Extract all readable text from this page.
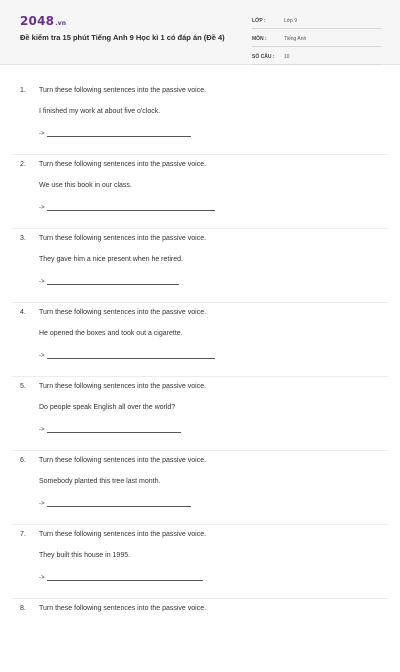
2048.vn
Đề kiểm tra 15 phút Tiếng Anh 9 Học kì 1 có đáp án (Đề 4)
LỚP :	Lớp 9
MÔN :	Tiếng Anh
SỐ CÂU :	10
1. Turn these following sentences into the passive voice.
I finished my work at about five o'clock.
->
2. Turn these following sentences into the passive voice.
We use this book in our class.
->
3. Turn these following sentences into the passive voice.
They gave him a nice present when he retired.
->
4. Turn these following sentences into the passive voice.
He opened the boxes and took out a cigarette.
->
5. Turn these following sentences into the passive voice.
Do people speak English all over the world?
->
6. Turn these following sentences into the passive voice.
Somebody planted this tree last month.
->
7. Turn these following sentences into the passive voice.
They built this house in 1995.
->
8. Turn these following sentences into the passive voice.
